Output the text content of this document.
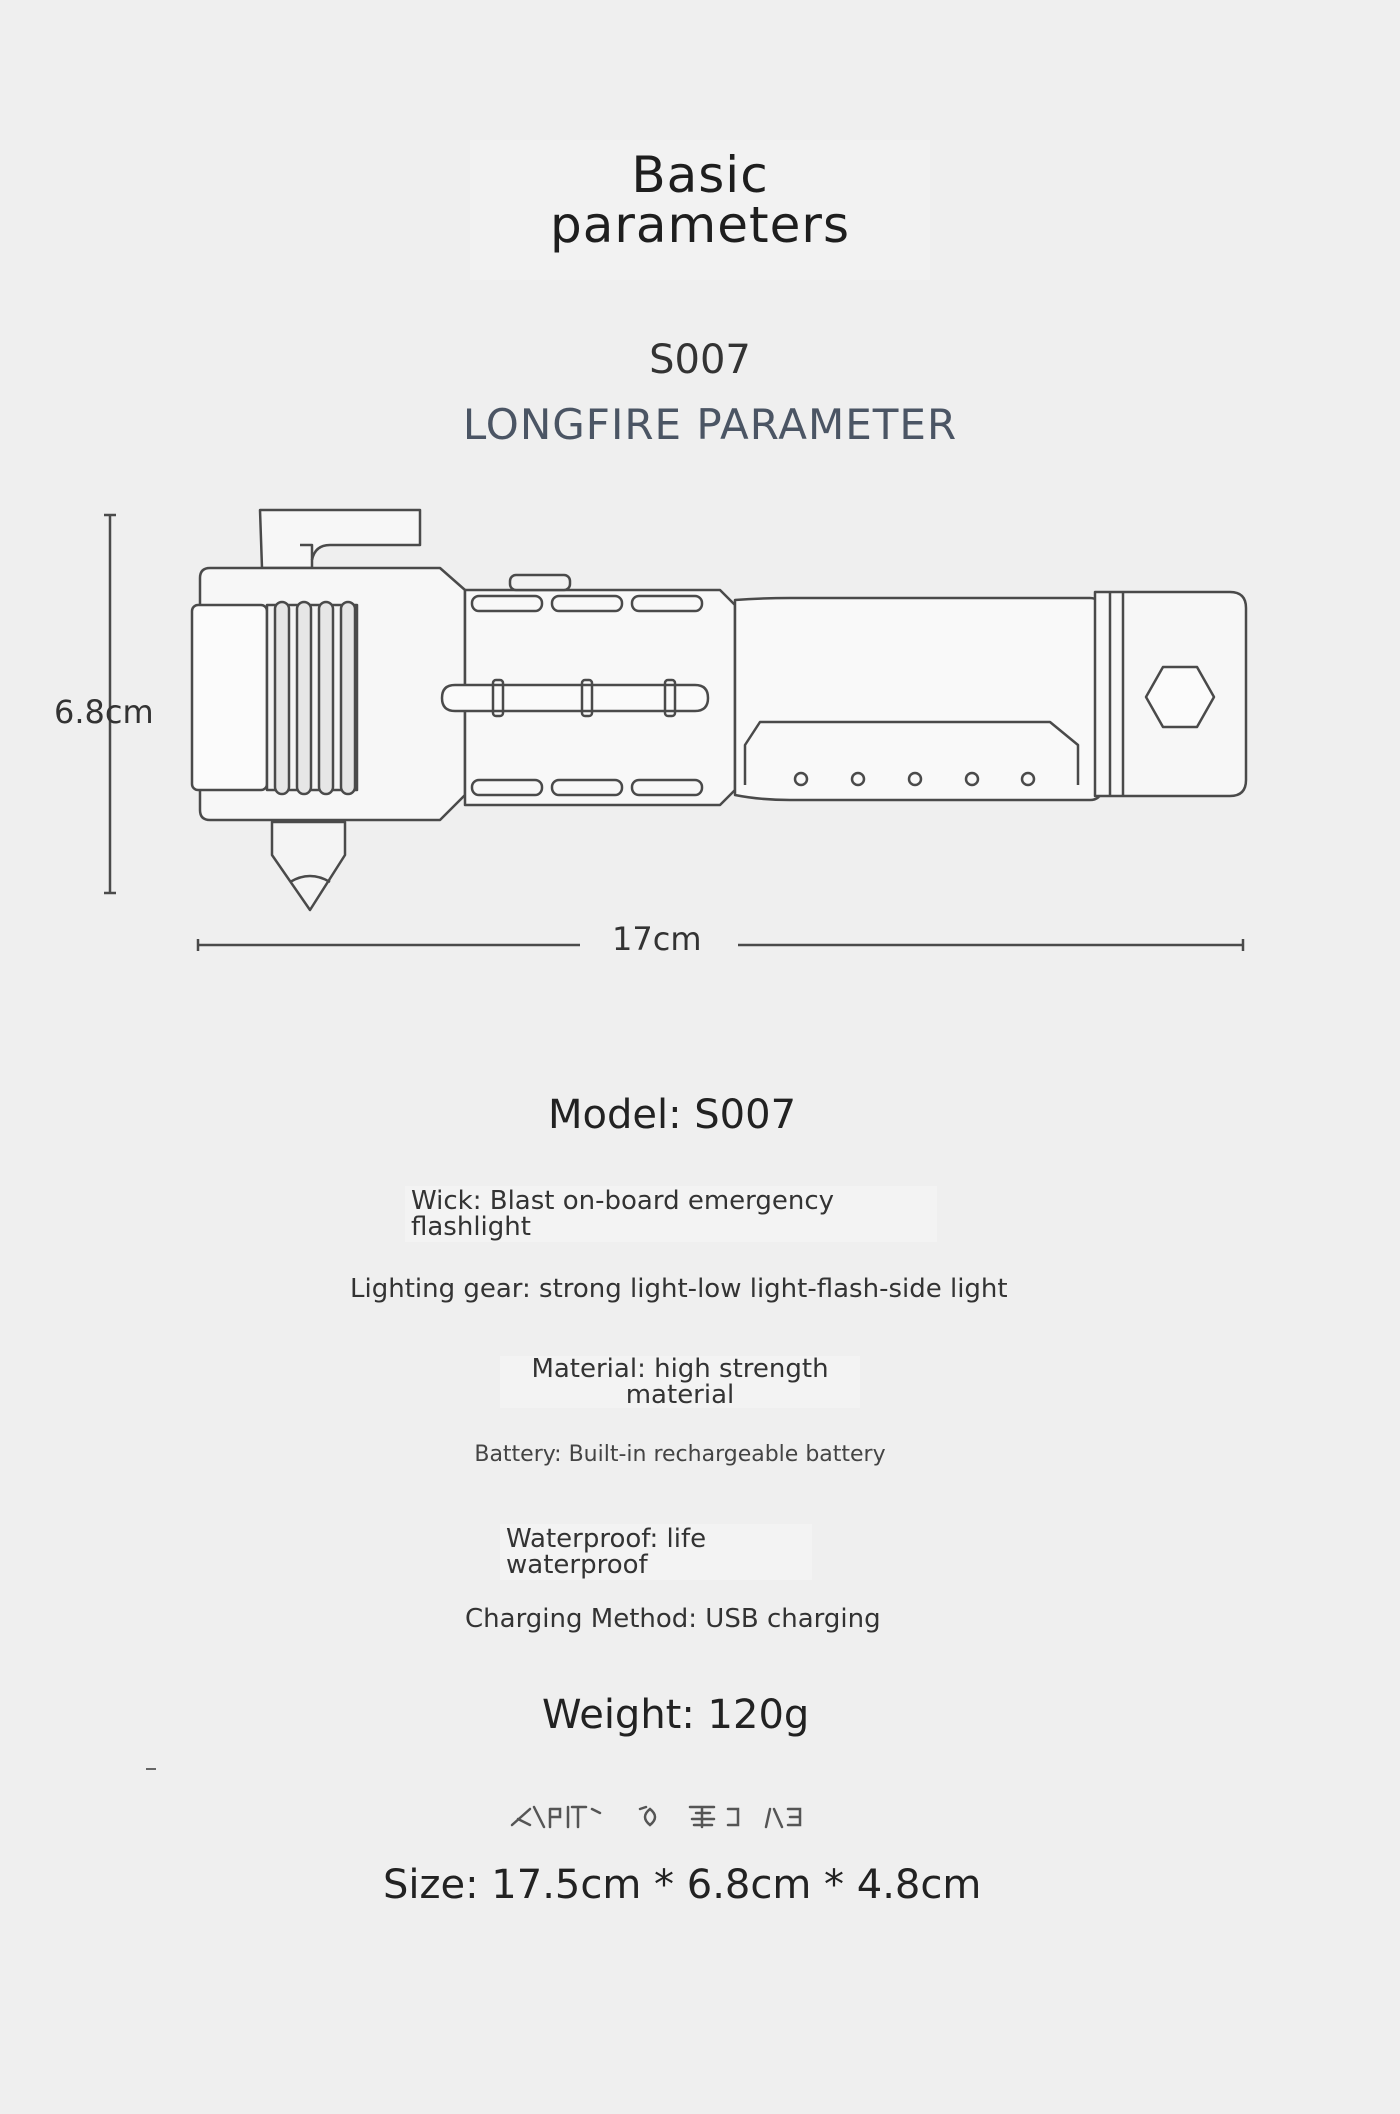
Basic
parameters
S007
LONGFIRE PARAMETER
6.8cm
17cm
Model: S007
Wick: Blast on-board emergency
flashlight
Lighting gear: strong light-low light-flash-side light
Material: high strength
material
Battery: Built-in rechargeable battery
Waterproof: life
waterproof
Charging Method: USB charging
Weight: 120g
Size: 17.5cm * 6.8cm * 4.8cm
